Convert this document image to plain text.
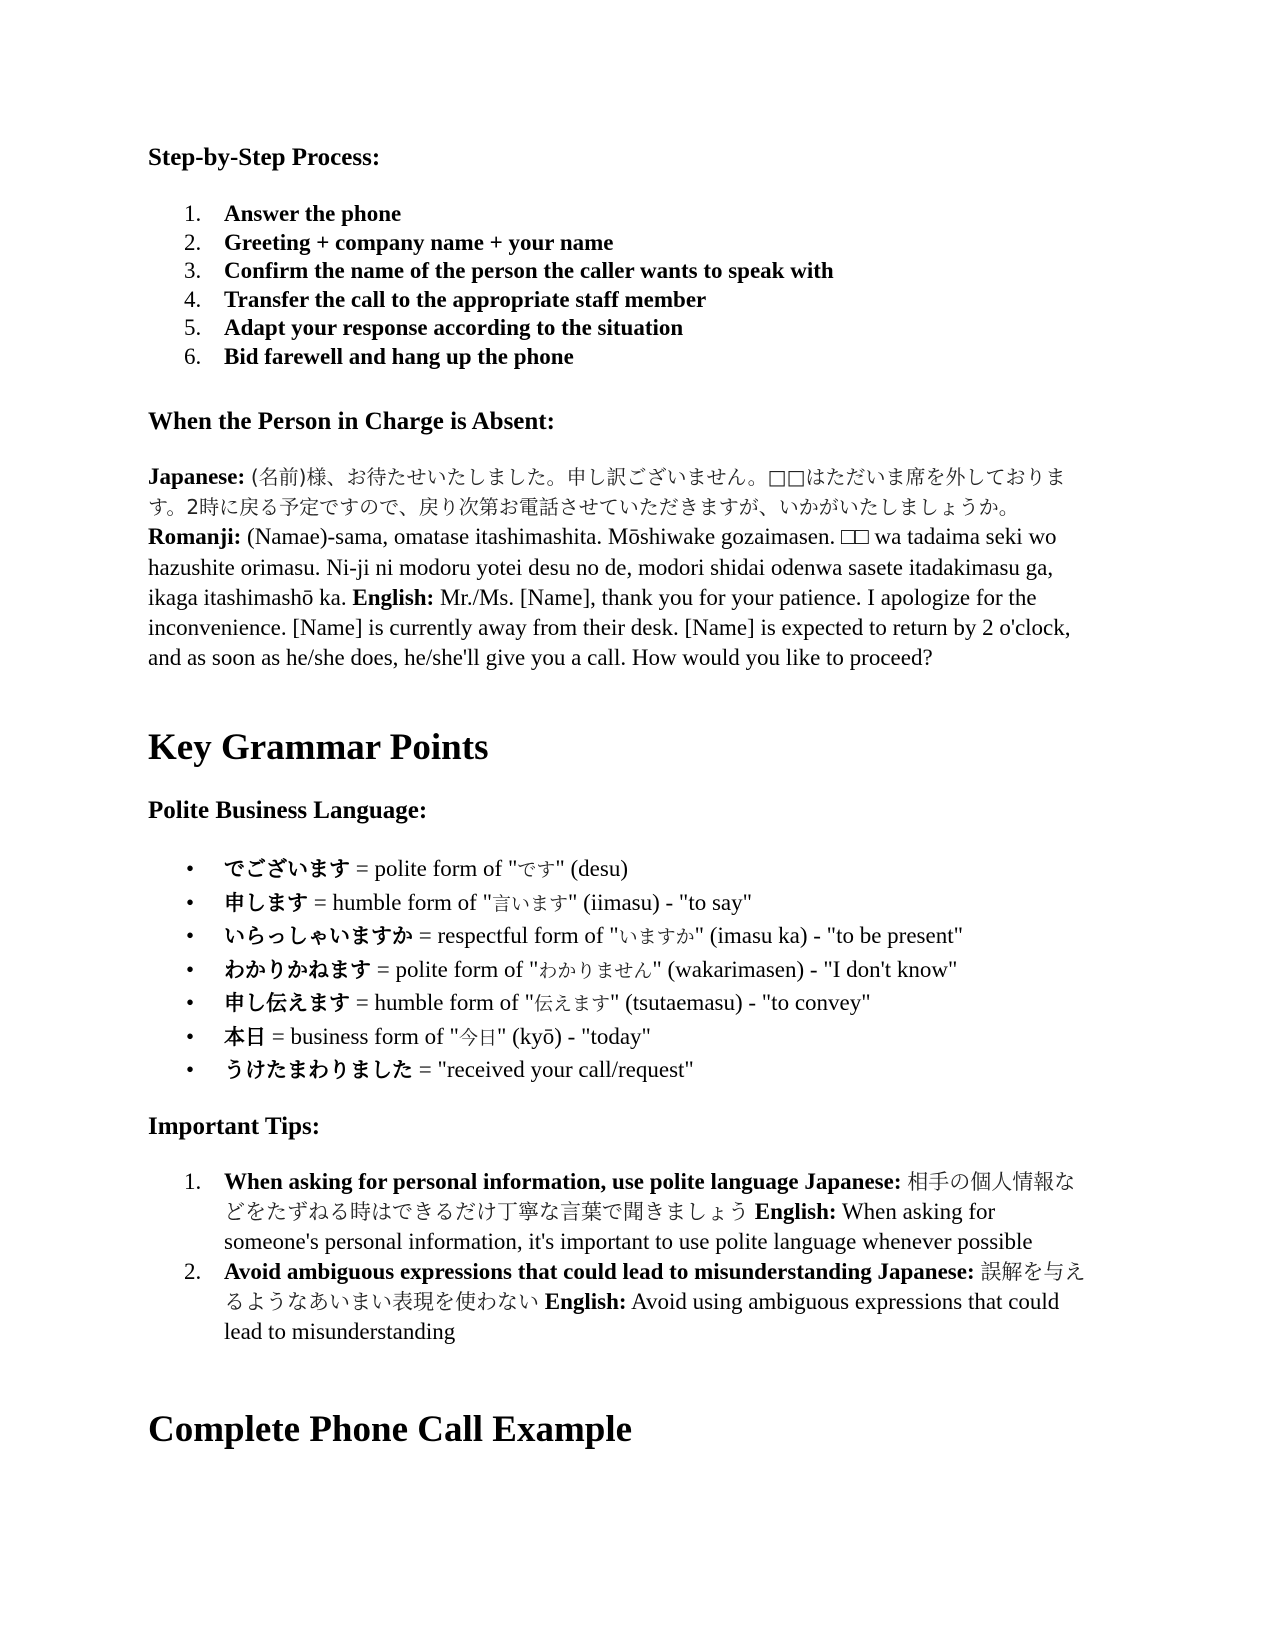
Step-by-Step Process:
1. Answer the phone
2. Greeting + company name + your name
3. Confirm the name of the person the caller wants to speak with
4. Transfer the call to the appropriate staff member
5. Adapt your response according to the situation
6. Bid farewell and hang up the phone
When the Person in Charge is Absent:

Japanese: (名前)様、お待たせいたしました。申し訳ございません。□□はただいま席を外しております。2時に戻る予定ですので、戻り次第お電話させていただきますが、いかがいたしましょうか。 Romanji: (Namae)-sama, omatase itashimashita. Mōshiwake gozaimasen. □□ wa tadaima seki wo hazushite orimasu. Ni-ji ni modoru yotei desu no de, modori shidai odenwa sasete itadakimasu ga, ikaga itashimashō ka. English: Mr./Ms. [Name], thank you for your patience. I apologize for the inconvenience. [Name] is currently away from their desk. [Name] is expected to return by 2 o'clock, and as soon as he/she does, he/she'll give you a call. How would you like to proceed?

Key Grammar Points
Polite Business Language:
• でございます = polite form of "です" (desu)
• 申します = humble form of "言います" (iimasu) - "to say"
• いらっしゃいますか = respectful form of "いますか" (imasu ka) - "to be present"
• わかりかねます = polite form of "わかりません" (wakarimasen) - "I don't know"
• 申し伝えます = humble form of "伝えます" (tsutaemasu) - "to convey"
• 本日 = business form of "今日" (kyō) - "today"
• うけたまわりました = "received your call/request"
Important Tips:
1. When asking for personal information, use polite language Japanese: 相手の個人情報などをたずねる時はできるだけ丁寧な言葉で聞きましょう English: When asking for someone's personal information, it's important to use polite language whenever possible
2. Avoid ambiguous expressions that could lead to misunderstanding Japanese: 誤解を与えるようなあいまい表現を使わない English: Avoid using ambiguous expressions that could lead to misunderstanding
Complete Phone Call Example
